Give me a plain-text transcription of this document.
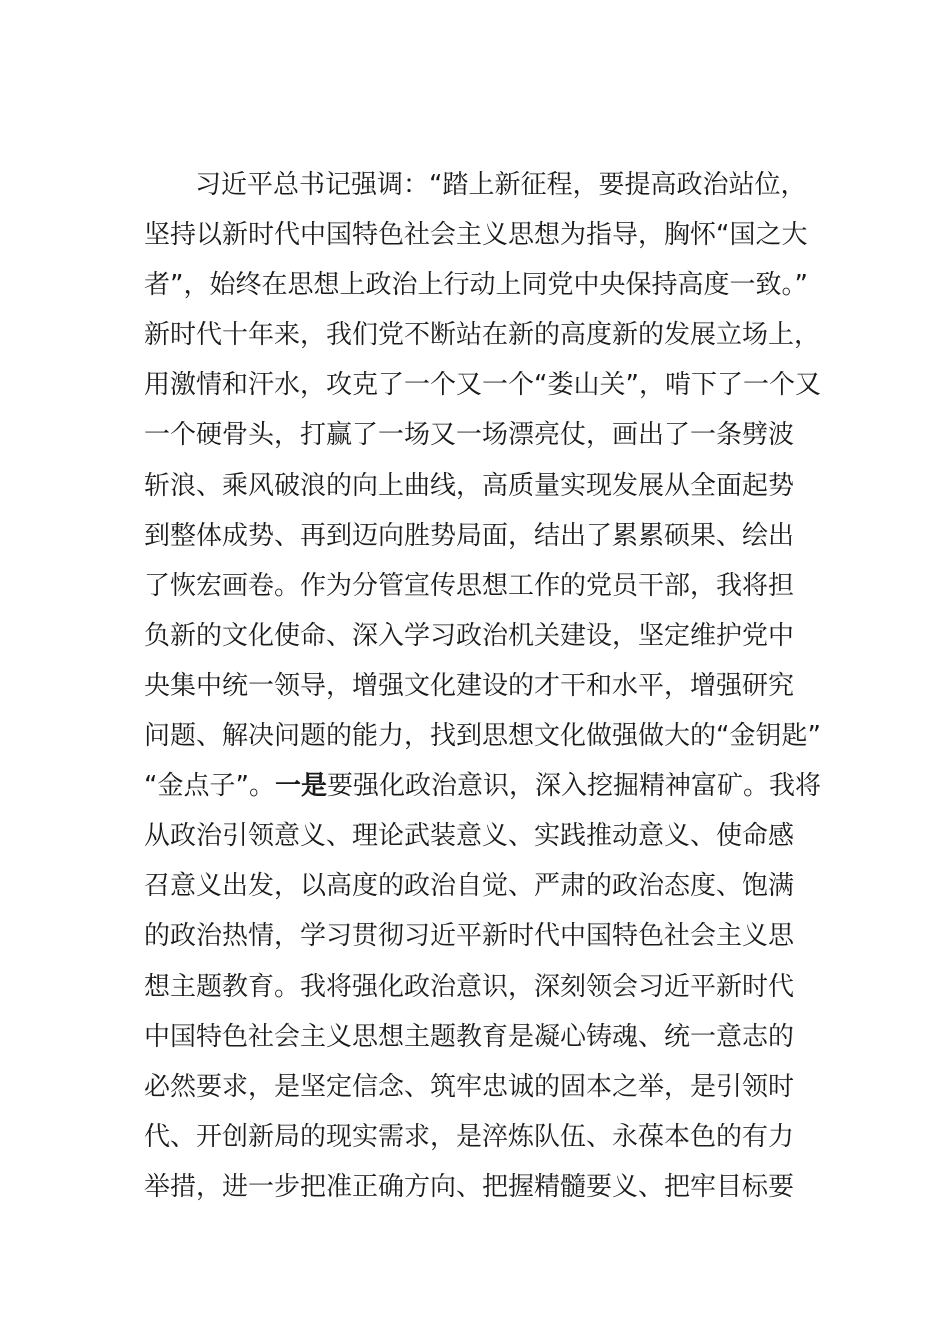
习近平总书记强调：“踏上新征程，要提高政治站位，
坚持以新时代中国特色社会主义思想为指导，胸怀“国之大
者”，始终在思想上政治上行动上同党中央保持高度一致。”
新时代十年来，我们党不断站在新的高度新的发展立场上，
用激情和汗水，攻克了一个又一个“娄山关”，啃下了一个又
一个硬骨头，打赢了一场又一场漂亮仗，画出了一条劈波
斩浪、乘风破浪的向上曲线，高质量实现发展从全面起势
到整体成势、再到迈向胜势局面，结出了累累硕果、绘出
了恢宏画卷。作为分管宣传思想工作的党员干部，我将担
负新的文化使命、深入学习政治机关建设，坚定维护党中
央集中统一领导，增强文化建设的才干和水平，增强研究
问题、解决问题的能力，找到思想文化做强做大的“金钥匙”
“金点子”。一是要强化政治意识，深入挖掘精神富矿。我将
从政治引领意义、理论武装意义、实践推动意义、使命感
召意义出发，以高度的政治自觉、严肃的政治态度、饱满
的政治热情，学习贯彻习近平新时代中国特色社会主义思
想主题教育。我将强化政治意识，深刻领会习近平新时代
中国特色社会主义思想主题教育是凝心铸魂、统一意志的
必然要求，是坚定信念、筑牢忠诚的固本之举，是引领时
代、开创新局的现实需求，是淬炼队伍、永葆本色的有力
举措，进一步把准正确方向、把握精髓要义、把牢目标要
